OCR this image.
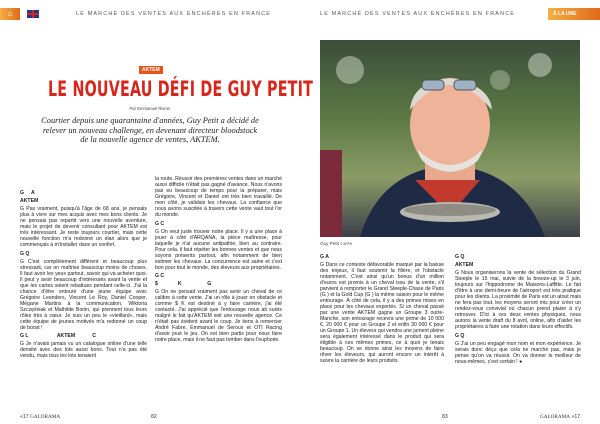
⌂	LE MARCHÉ DES VENTES AUX ENCHÈRES EN FRANCE	LE MARCHÉ DES VENTES AUX ENCHÈRES EN FRANCE	À LA UNE
AKTEM
LE NOUVEAU DÉFI DE GUY PETIT
Par Emmanuel Rivron
Courtier depuis une quarantaine d'années, Guy Petit a décidé de relever un nouveau challenge, en devenant directeur bloodstock de la nouvelle agence de ventes, AKTEM.

G     A

AKTEM

G Pas vraiment, puisqu'à l'âge de 68 ans, je pensais plus à vivre sur mes acquis avec mes bons clients. Je ne pensais pas repartir vers une nouvelle aventure, mais le projet de devenir consultant pour AKTEM est très intéressant. Je reste toujours courtier, mais cette nouvelle fonction m'a redonné un élan alors que je commençais à m'installer dans un confort.

G Q

G C'est complètement différent et beaucoup plus stressant, car on maîtrise beaucoup moins de choses. Il faut avoir les yeux partout, savoir qui va acheter quoi. Il peut y avoir beaucoup d'intéressés avant la vente et que les cartes soient rebattues pendant celle-ci. J'ai la chance d'être entouré d'une jeune équipe avec Grégoire Leenders, Vincent Le Roy, Daniel Cooper, Mégane Martins à la communication, Wiktoria Szczęśniak et Mathilde Bonin, qui prennent tous leurs rôles très à cœur. Je suis un peu le «vieillard», mais cette équipe de jeunes motivés m'a redonné un coup de boost !

G L                    AKTEM            C

G Je n'avais jamais vu un catalogue online d'une telle densité avec des lots aussi bons. Tout n'a pas été vendu, mais tous les lots tenaient

la route. Réussir des premières ventes dans un marché aussi difficile n'était pas gagné d'avance. Nous n'avons pas eu beaucoup de temps pour la préparer, mais Grégoire, Vincent et Daniel ont très bien travaillé. De mon côté, je validais les chevaux. La confiance que nous avons suscitée à travers cette vente vaut tout l'or du monde.

G C

G On veut juste trouver notre place. Il y a une place à jouer à côté d'ARQANA, la pièce maîtresse, pour laquelle je n'ai aucune antipathie, bien au contraire. Pour cela, il faut répéter les bonnes ventes et que nous soyons présents partout, afin notamment de bien estimer les chevaux. La concurrence est saine et c'est bon pour tout le monde, des éleveurs aux propriétaires.

G C

$              K                  G

G On ne pensait vraiment pas avoir un cheval de ce calibre à cette vente. J'ai un rôle à jouer en obstacle et comme $ K est destiné à y faire carrière, j'ai été contacté. J'ai apprécié que l'entourage nous ait suivis malgré le fait qu'AKTEM soit une nouvelle agence. Ce n'était pas évident avant le coup. Je tiens à remercier André Fabre, Emmanuel de Seroux et OTI Racing d'avoir joué le jeu. On est bien partis pour nous faire notre place, mais il ne faut pas tomber dans l'euphorie.

G A

G Dans ce contexte défavorable marqué par la baisse des enjeux, il faut soutenir la filière, et l'obstacle notamment. C'est ainsi qu'un bonus d'un million d'euros est promis à un cheval issu de la vente, s'il parvient à remporter le Grand Steeple-Chase de Paris (G ) et la Gold Cup (G ) la même saison pour le même entourage. À côté de cela, il y a des primes mises en place pour les chevaux exportés. Si un cheval passé par une vente AKTEM gagne un Groupe 3 outre-Manche, son entourage recevra une prime de 10 000 €, 20 000 € pour un Groupe 2 et enfin 30 000 € pour un Groupe 1. Un éleveur qui vendra une jument pleine sera également intéressé dans le produit qui sera éligible à ces mêmes primes, ce à quoi je tenais beaucoup. On se donne ainsi les moyens de faire rêver les éleveurs, qui auront encore un intérêt à suivre la carrière de leurs produits.

G Q

AKTEM

G Nous organiserons la vente de sélection du Grand Steeple le 15 mai, suivie de la breeze-up le 3 juin, toujours sur l'hippodrome de Maisons-Laffitte. Le fait d'être à une demi-heure de l'aéroport est très pratique pour les clients. La proximité de Paris est un atout mais ne fera pas tout, les moyens seront mis pour créer un rendez-vous convivial où chacun prend plaisir à s'y retrouver. D'ici à ces deux ventes physiques, nous aurons la vente draft du 8 avril, online, afin d'aider les propriétaires à faire une rotation dans leurs effectifs.

G Q

G J'ai un peu engagé mon nom et mon expérience. Je serais donc déçu que cela ne marche pas, mais je pense qu'on va réussir. On va donner le meilleur de nous-mêmes, c'est certain ! ●

Guy Petit © APRH
«17 GALORAMA	82	83	GALORAMA «17
